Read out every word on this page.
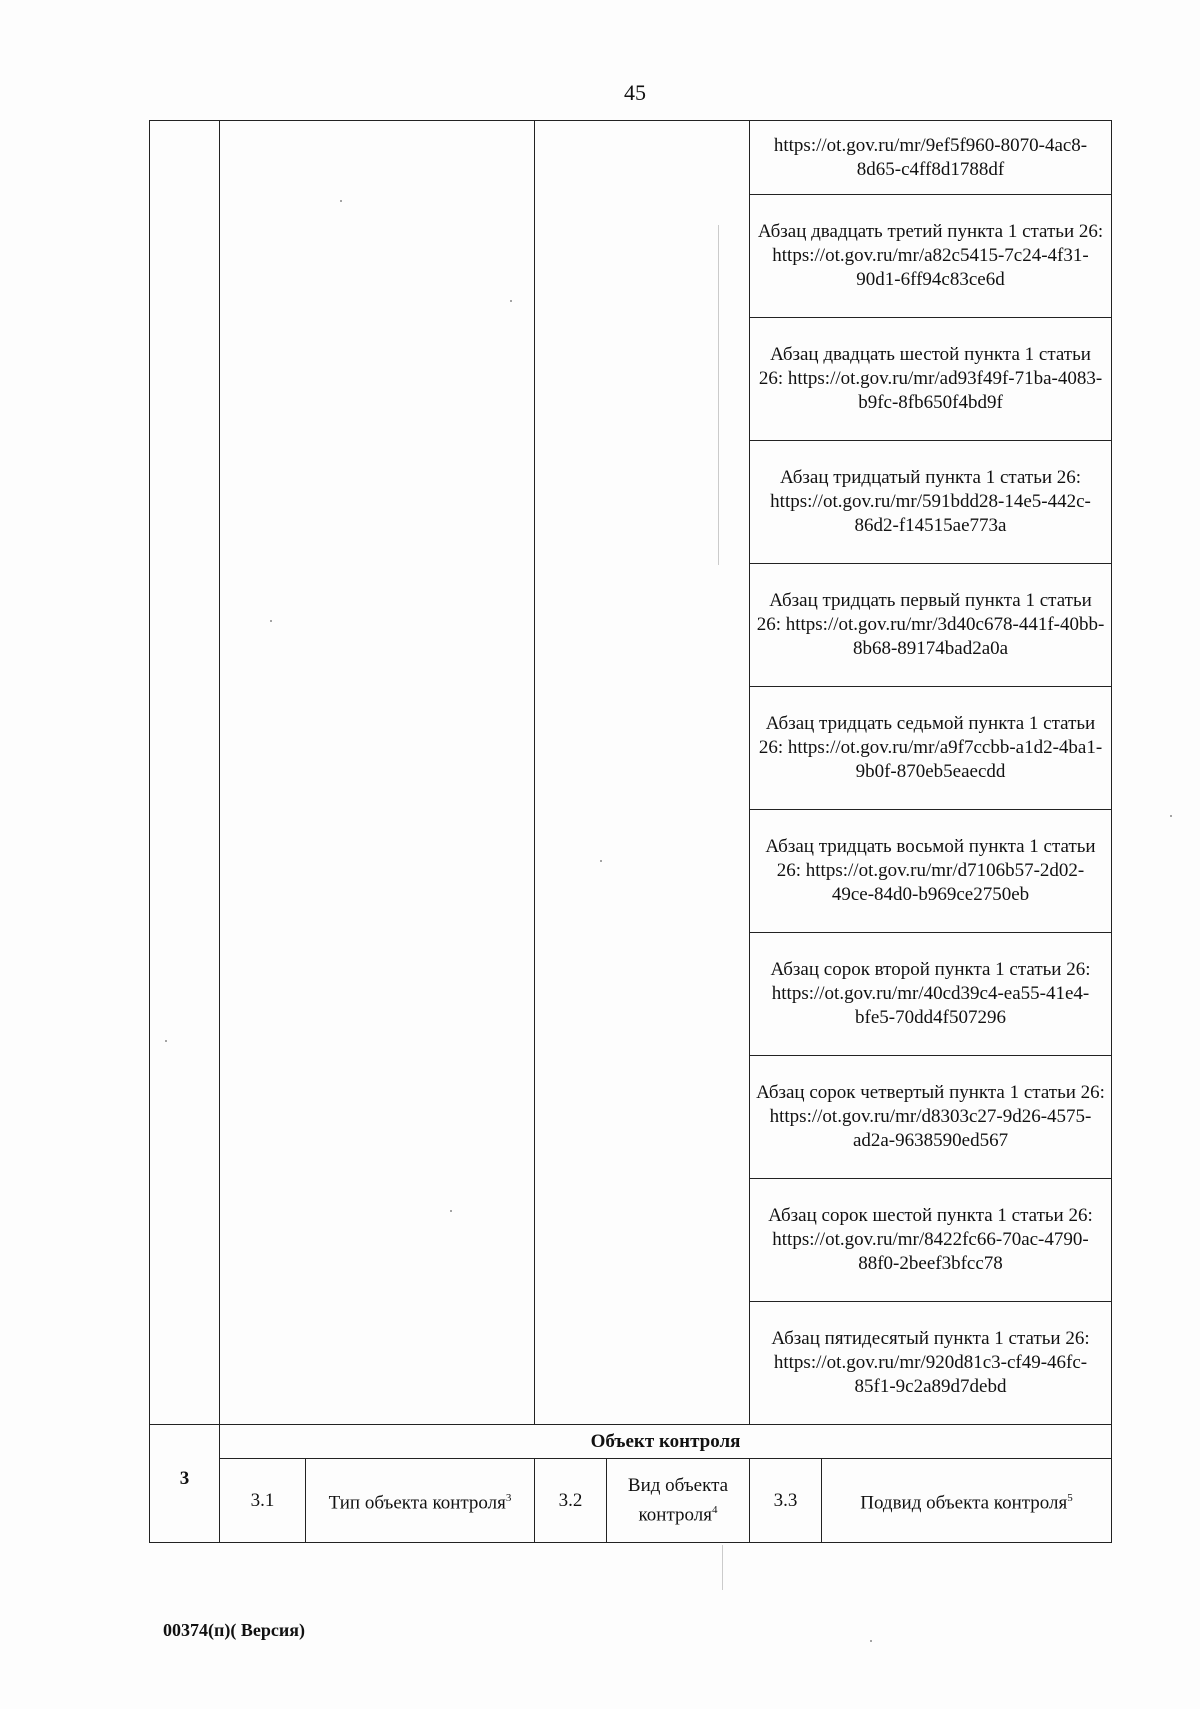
45

					https://ot.gov.ru/mr/9ef5f960-8070-4ac8-8d65-c4ff8d1788df	

					Абзац двадцать третий пункта 1 статьи 26: https://ot.gov.ru/mr/a82c5415-7c24-4f31-90d1-6ff94c83ce6d	

					Абзац двадцать шестой пункта 1 статьи 26: https://ot.gov.ru/mr/ad93f49f-71ba-4083-b9fc-8fb650f4bd9f	

					Абзац тридцатый пункта 1 статьи 26: https://ot.gov.ru/mr/591bdd28-14e5-442c-86d2-f14515ae773a	

					Абзац тридцать первый пункта 1 статьи 26: https://ot.gov.ru/mr/3d40c678-441f-40bb-8b68-89174bad2a0a	

					Абзац тридцать седьмой пункта 1 статьи 26: https://ot.gov.ru/mr/a9f7ccbb-a1d2-4ba1-9b0f-870eb5eaecdd	

					Абзац тридцать восьмой пункта 1 статьи 26: https://ot.gov.ru/mr/d7106b57-2d02-49ce-84d0-b969ce2750eb	

					Абзац сорок второй пункта 1 статьи 26: https://ot.gov.ru/mr/40cd39c4-ea55-41e4-bfe5-70dd4f507296	

					Абзац сорок четвертый пункта 1 статьи 26: https://ot.gov.ru/mr/d8303c27-9d26-4575-ad2a-9638590ed567	

					Абзац сорок шестой пункта 1 статьи 26: https://ot.gov.ru/mr/8422fc66-70ac-4790-88f0-2beef3bfcc78	

					Абзац пятидесятый пункта 1 статьи 26: https://ot.gov.ru/mr/920d81c3-cf49-46fc-85f1-9c2a89d7debd	

3	Объект контроля					
	3.1	Тип объекта контроля$^3$	3.2	Вид объекта контроля$^4$	3.3	Подвид объекта контроля$^5$
00374(п)( Версия)
